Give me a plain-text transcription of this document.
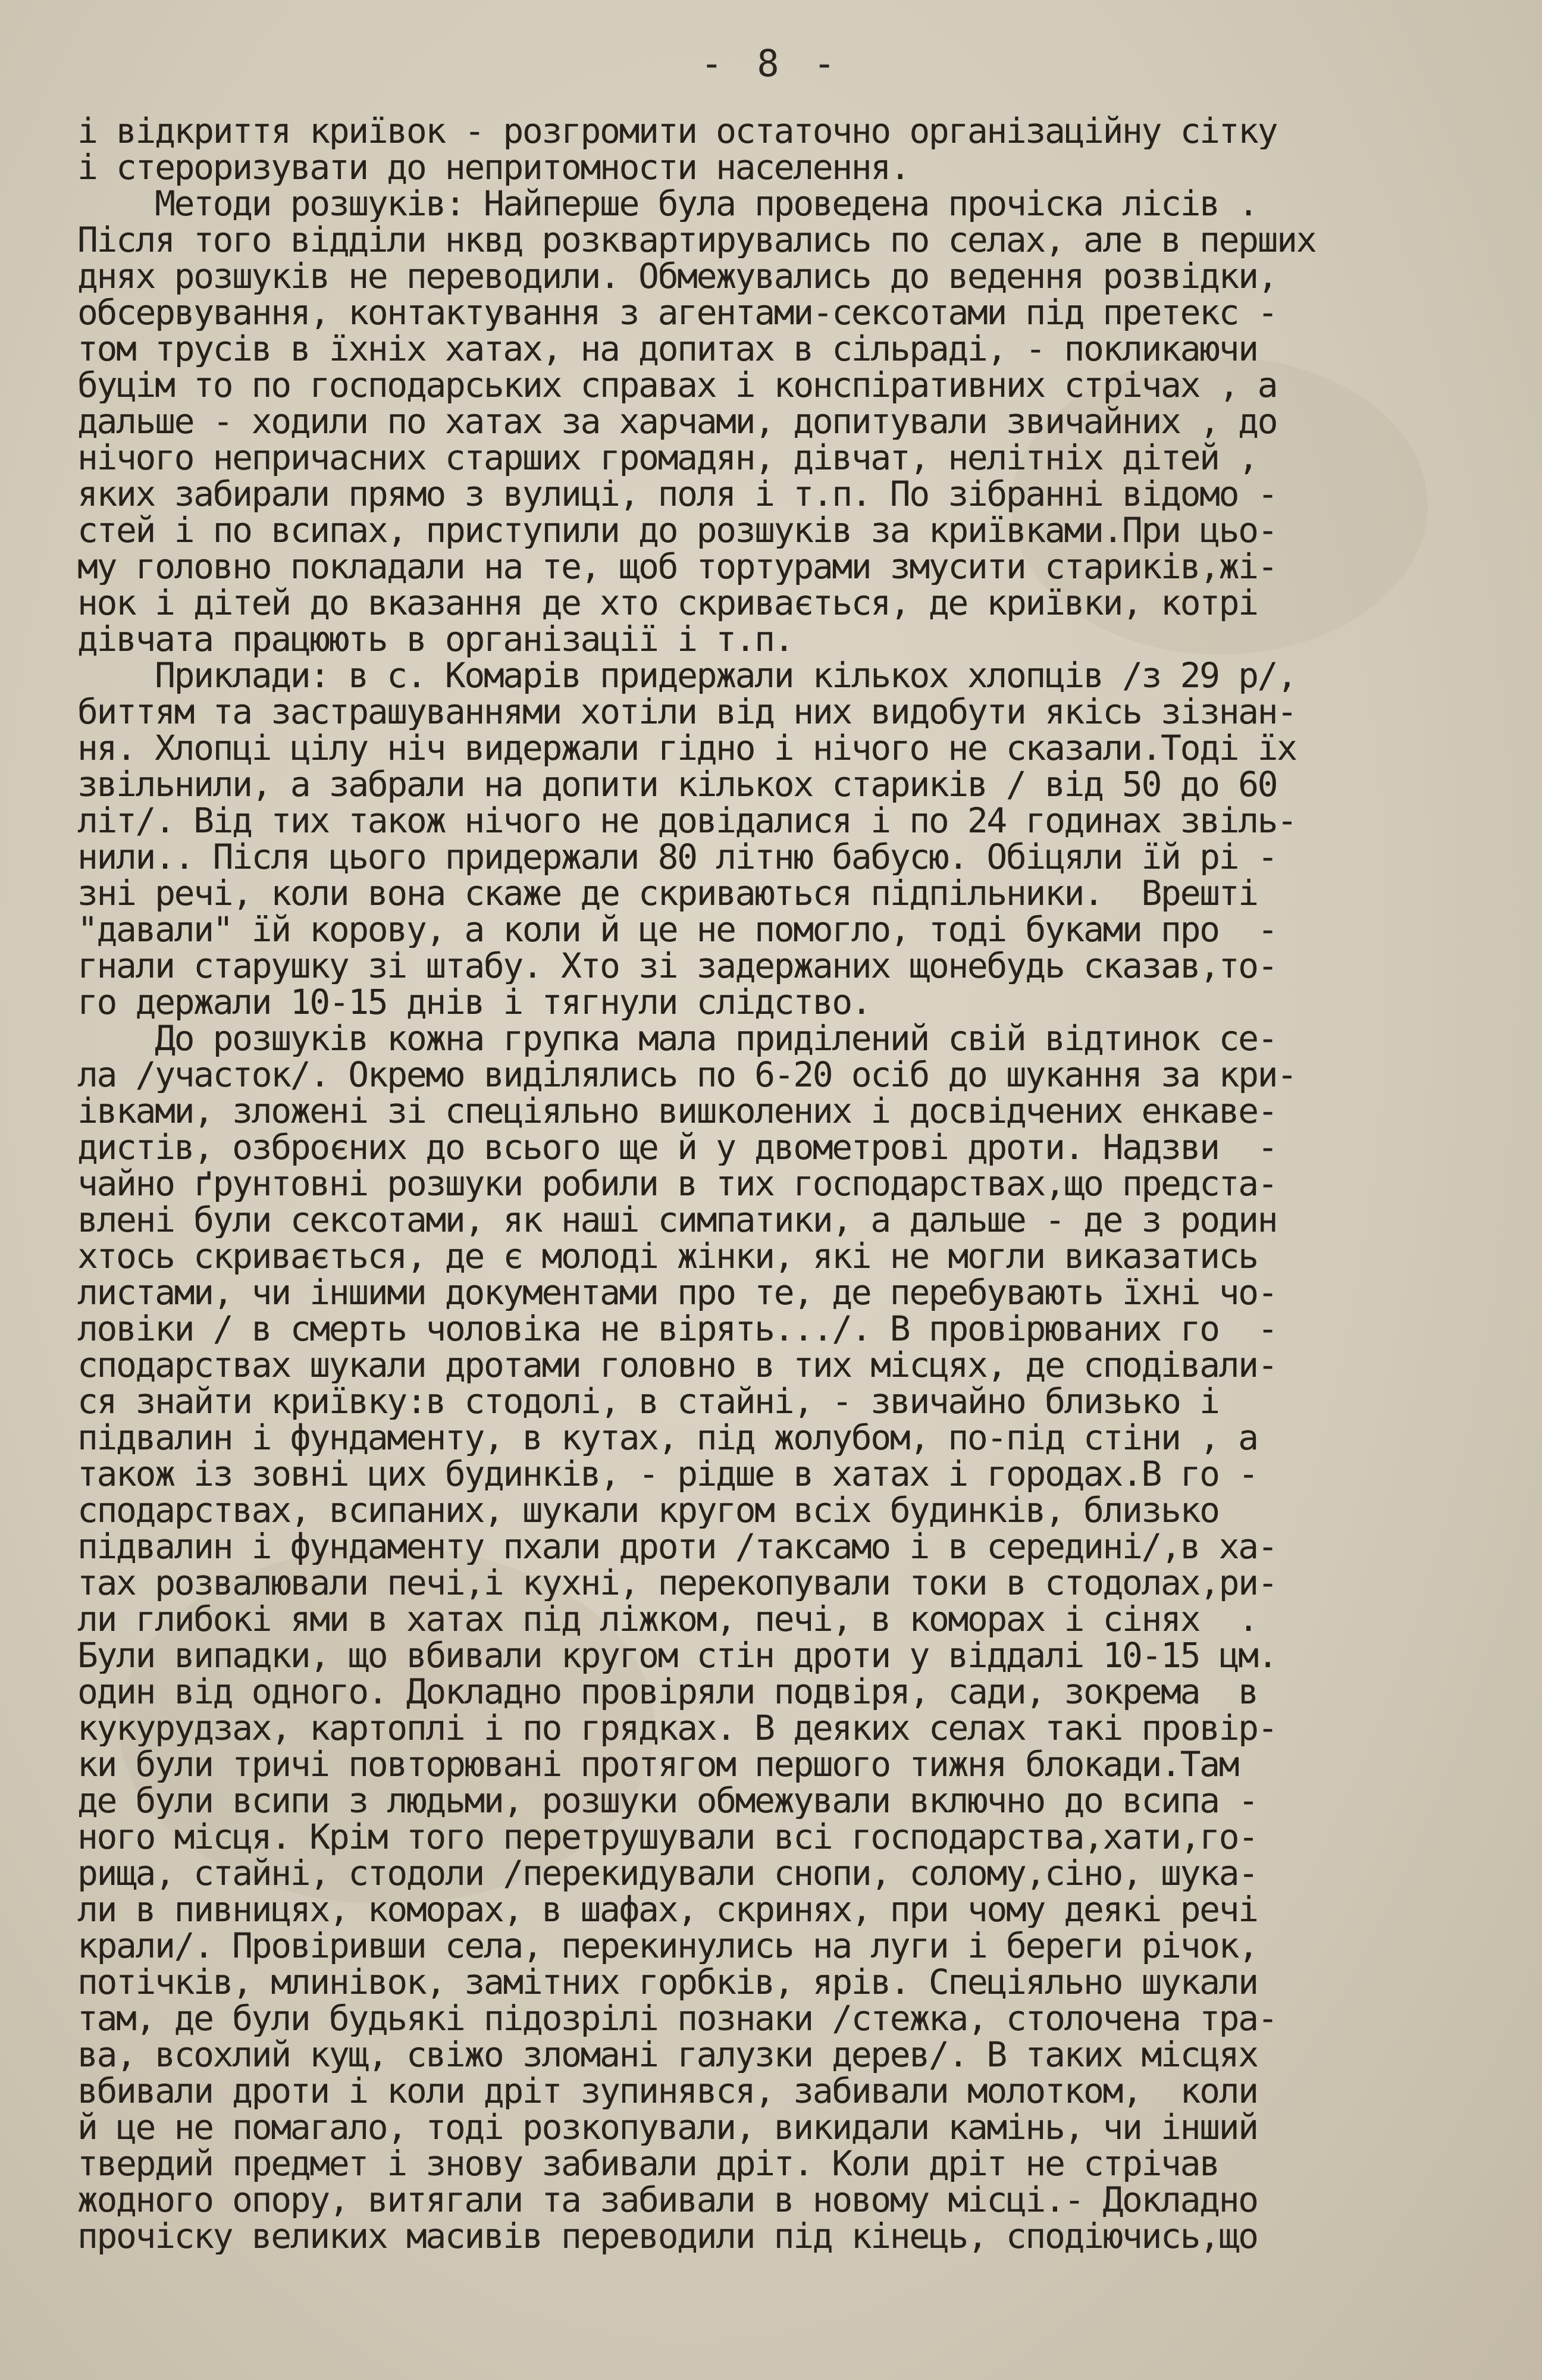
- 8 -
і відкриття криївок - розгромити остаточно організаційну сітку
і стероризувати до непритомности населення.
Методи розшуків: Найперше була проведена прочіска лісів .
Після того відділи нквд розквартирувались по селах, але в перших
днях розшуків не переводили. Обмежувались до ведення розвідки,
обсервування, контактування з агентами-сексотами під претекс -
том трусів в їхніх хатах, на допитах в сільраді, - покликаючи
буцім то по господарських справах і конспіративних стрічах , а
дальше - ходили по хатах за харчами, допитували звичайних , до
нічого непричасних старших громадян, дівчат, нелітніх дітей ,
яких забирали прямо з вулиці, поля і т.п. По зібранні відомо -
стей і по всипах, приступили до розшуків за криївками.При цьо-
му головно покладали на те, щоб тортурами змусити стариків,жі-
нок і дітей до вказання де хто скривається, де криївки, котрі
дівчата працюють в організації і т.п.
Приклади: в с. Комарів придержали кількох хлопців /з 29 р/,
биттям та застрашуваннями хотіли від них видобути якісь зізнан-
ня. Хлопці цілу ніч видержали гідно і нічого не сказали.Тоді їх
звільнили, а забрали на допити кількох стариків / від 50 до 60
літ/. Від тих також нічого не довідалися і по 24 годинах звіль-
нили.. Після цього придержали 80 літню бабусю. Обіцяли їй рі -
зні речі, коли вона скаже де скриваються підпільники.  Врешті
"давали" їй корову, а коли й це не помогло, тоді буками про  -
гнали старушку зі штабу. Хто зі задержаних щонебудь сказав,то-
го держали 10-15 днів і тягнули слідство.
До розшуків кожна групка мала приділений свій відтинок се-
ла /участок/. Окремо виділялись по 6-20 осіб до шукання за кри-
івками, зложені зі спеціяльно вишколених і досвідчених енкаве-
дистів, озброєних до всього ще й у двометрові дроти. Надзви  -
чайно ґрунтовні розшуки робили в тих господарствах,що предста-
влені були сексотами, як наші симпатики, а дальше - де з родин
хтось скривається, де є молоді жінки, які не могли виказатись
листами, чи іншими документами про те, де перебувають їхні чо-
ловіки / в смерть чоловіка не вірять.../. В провірюваних го  -
сподарствах шукали дротами головно в тих місцях, де сподівали-
ся знайти криївку:в стодолі, в стайні, - звичайно близько і
підвалин і фундаменту, в кутах, під жолубом, по-під стіни , а
також із зовні цих будинків, - рідше в хатах і городах.В го -
сподарствах, всипаних, шукали кругом всіх будинків, близько
підвалин і фундаменту пхали дроти /таксамо і в середині/,в ха-
тах розвалювали печі,і кухні, перекопували токи в стодолах,ри-
ли глибокі ями в хатах під ліжком, печі, в коморах і сінях  .
Були випадки, що вбивали кругом стін дроти у віддалі 10-15 цм.
один від одного. Докладно провіряли подвіря, сади, зокрема  в
кукурудзах, картоплі і по грядках. В деяких селах такі провір-
ки були тричі повторювані протягом першого тижня блокади.Там
де були всипи з людьми, розшуки обмежували включно до всипа -
ного місця. Крім того перетрушували всі господарства,хати,го-
рища, стайні, стодоли /перекидували снопи, солому,сіно, шука-
ли в пивницях, коморах, в шафах, скринях, при чому деякі речі
крали/. Провіривши села, перекинулись на луги і береги річок,
потічків, млинівок, замітних горбків, ярів. Спеціяльно шукали
там, де були будьякі підозрілі познаки /стежка, столочена тра-
ва, всохлий кущ, свіжо зломані галузки дерев/. В таких місцях
вбивали дроти і коли дріт зупинявся, забивали молотком,  коли
й це не помагало, тоді розкопували, викидали камінь, чи інший
твердий предмет і знову забивали дріт. Коли дріт не стрічав
жодного опору, витягали та забивали в новому місці.- Докладно
прочіску великих масивів переводили під кінець, сподіючись,що
